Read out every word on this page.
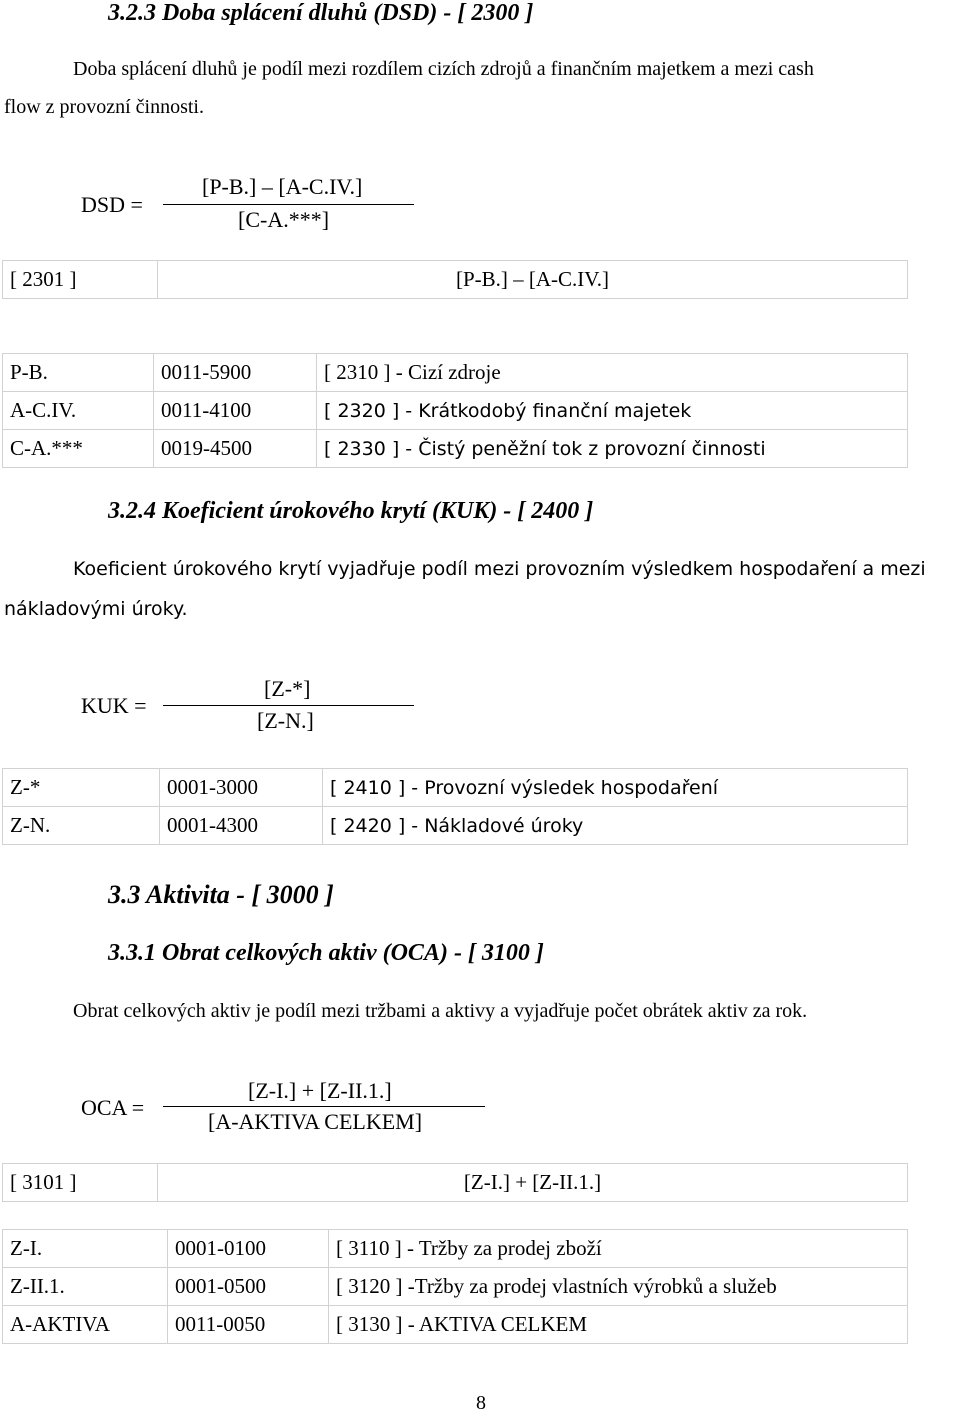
3.2.3 Doba splácení dluhů (DSD) - [ 2300 ]
Doba splácení dluhů je podíl mezi rozdílem cizích zdrojů a finančním majetkem a mezi cash
flow z provozní činnosti.
DSD =
[P-B.] – [A-C.IV.]
[C-A.***]
[ 2301 ]	[P-B.] – [A-C.IV.]
P-B.	0011-5900	[ 2310 ] - Cizí zdroje
A-C.IV.	0011-4100	[ 2320 ] - Krátkodobý finanční majetek
C-A.***	0019-4500	[ 2330 ] - Čistý peněžní tok z provozní činnosti
3.2.4 Koeficient úrokového krytí (KUK) - [ 2400 ]
Koeficient úrokového krytí vyjadřuje podíl mezi provozním výsledkem hospodaření a mezi
nákladovými úroky.
KUK =
[Z-*]
[Z-N.]
Z-*	0001-3000	[ 2410 ] - Provozní výsledek hospodaření
Z-N.	0001-4300	[ 2420 ] - Nákladové úroky
3.3 Aktivita - [ 3000 ]
3.3.1 Obrat celkových aktiv (OCA) - [ 3100 ]
Obrat celkových aktiv je podíl mezi tržbami a aktivy a vyjadřuje počet obrátek aktiv za rok.
OCA =
[Z-I.] + [Z-II.1.]
[A-AKTIVA CELKEM]
[ 3101 ]	[Z-I.] + [Z-II.1.]
Z-I.	0001-0100	[ 3110 ] - Tržby za prodej zboží
Z-II.1.	0001-0500	[ 3120 ] -Tržby za prodej vlastních výrobků a služeb
A-AKTIVA	0011-0050	[ 3130 ] - AKTIVA CELKEM
8
